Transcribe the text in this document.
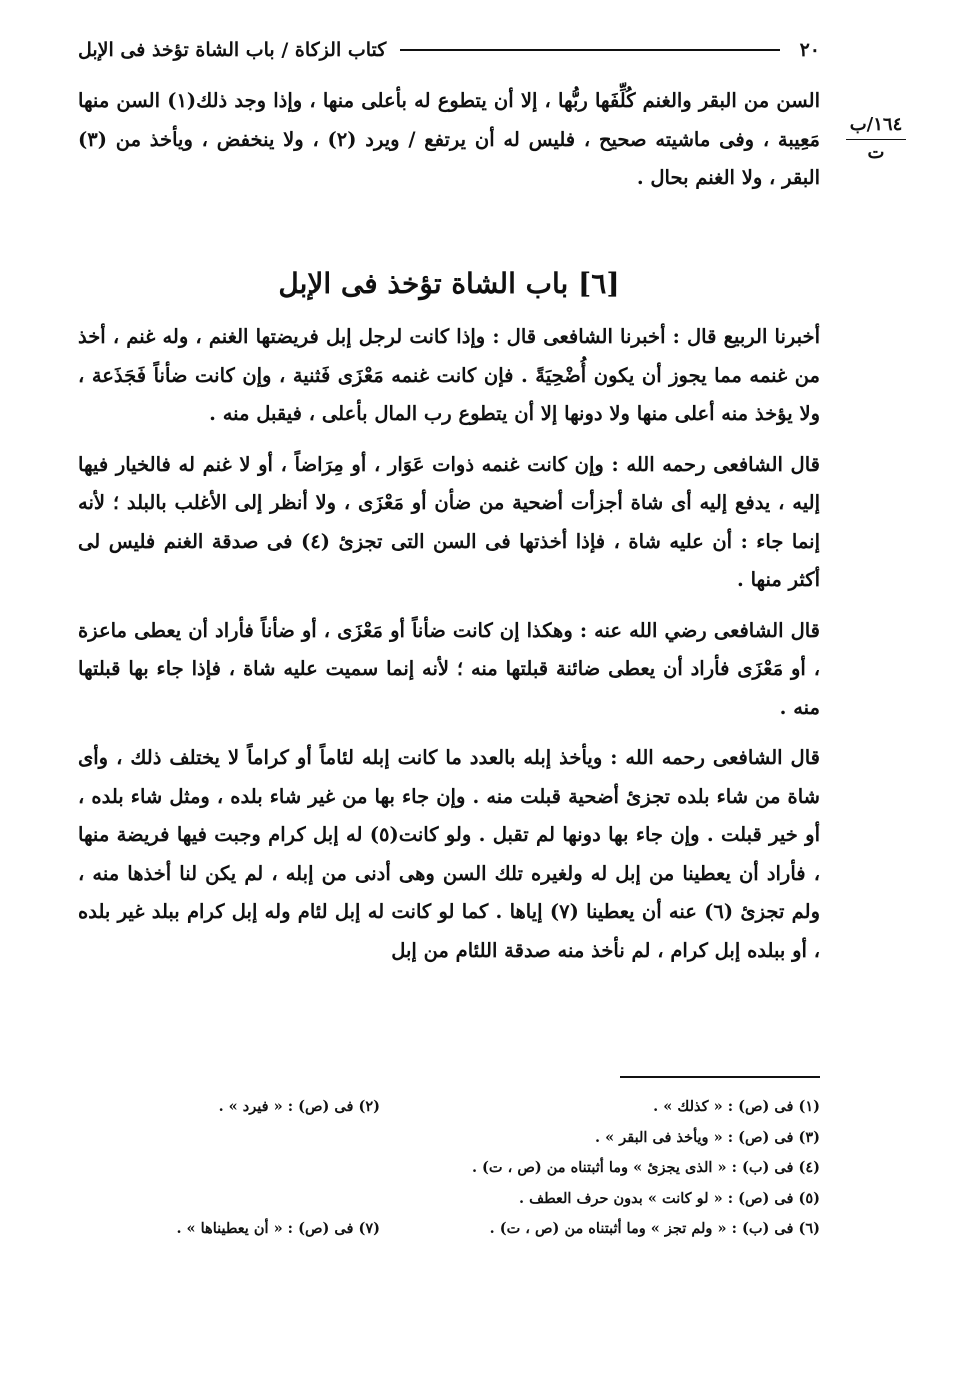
٢٠
كتاب الزكاة / باب الشاة تؤخذ فى الإبل
١٦٤/ب
ت

السن من البقر والغنم كُلِّفَها ربُّها ، إلا أن يتطوع له بأعلى منها ، وإذا وجد ذلك(١) السن منها مَعِيبة ، وفى ماشيته صحيح ، فليس له أن يرتفع / ويرد (٢) ، ولا ينخفض ، ويأخذ من (٣) البقر ، ولا الغنم بحال .

[٦] باب الشاة تؤخذ فى الإبل

أخبرنا الربيع قال : أخبرنا الشافعى قال : وإذا كانت لرجل إبل فريضتها الغنم ، وله غنم ، أخذ من غنمه مما يجوز أن يكون أُضْحِيَةً . فإن كانت غنمه مَعْزَى فَثنية ، وإن كانت ضأناً فَجَذَعة ، ولا يؤخذ منه أعلى منها ولا دونها إلا أن يتطوع رب المال بأعلى ، فيقبل منه .

قال الشافعى رحمه الله : وإن كانت غنمه ذوات عَوَار ، أو مِرَاضاً ، أو لا غنم له فالخيار فيها إليه ، يدفع إليه أى شاة أجزأت أضحية من ضأن أو مَعْزَى ، ولا أنظر إلى الأغلب بالبلد ؛ لأنه إنما جاء : أن عليه شاة ، فإذا أخذتها فى السن التى تجزئ (٤) فى صدقة الغنم فليس لى أكثر منها .

قال الشافعى رضي الله عنه : وهكذا إن كانت ضأناً أو مَعْزَى ، أو ضأناً فأراد أن يعطى ماعزة ، أو مَعْزَى فأراد أن يعطى ضائنة قبلتها منه ؛ لأنه إنما سميت عليه شاة ، فإذا جاء بها قبلتها منه .

قال الشافعى رحمه الله : ويأخذ إبله بالعدد ما كانت إبله لئاماً أو كراماً لا يختلف ذلك ، وأى شاة من شاء بلده تجزئ أضحية قبلت منه . وإن جاء بها من غير شاء بلده ، ومثل شاء بلده ، أو خير قبلت . وإن جاء بها دونها لم تقبل . ولو كانت(٥) له إبل كرام وجبت فيها فريضة منها ، فأراد أن يعطينا من إبل له ولغيره تلك السن وهى أدنى من إبله ، لم يكن لنا أخذها منه ، ولم تجزئ (٦) عنه أن يعطينا (٧) إياها . كما لو كانت له إبل لئام وله إبل كرام ببلد غير بلده ، أو ببلده إبل كرام ، لم نأخذ منه صدقة اللئام من إبل

(١) فى (ص) : « كذلك » .
(٢) فى (ص) : « فيرد » .
(٣) فى (ص) : « ويأخذ فى البقر » .
(٤) فى (ب) : « الذى يجزئ » وما أثبتناه من (ص ، ت) .
(٥) فى (ص) : « لو كانت » بدون حرف العطف .
(٦) فى (ب) : « ولم تجز » وما أثبتناه من (ص ، ت) .
(٧) فى (ص) : « أن يعطيناها » .
